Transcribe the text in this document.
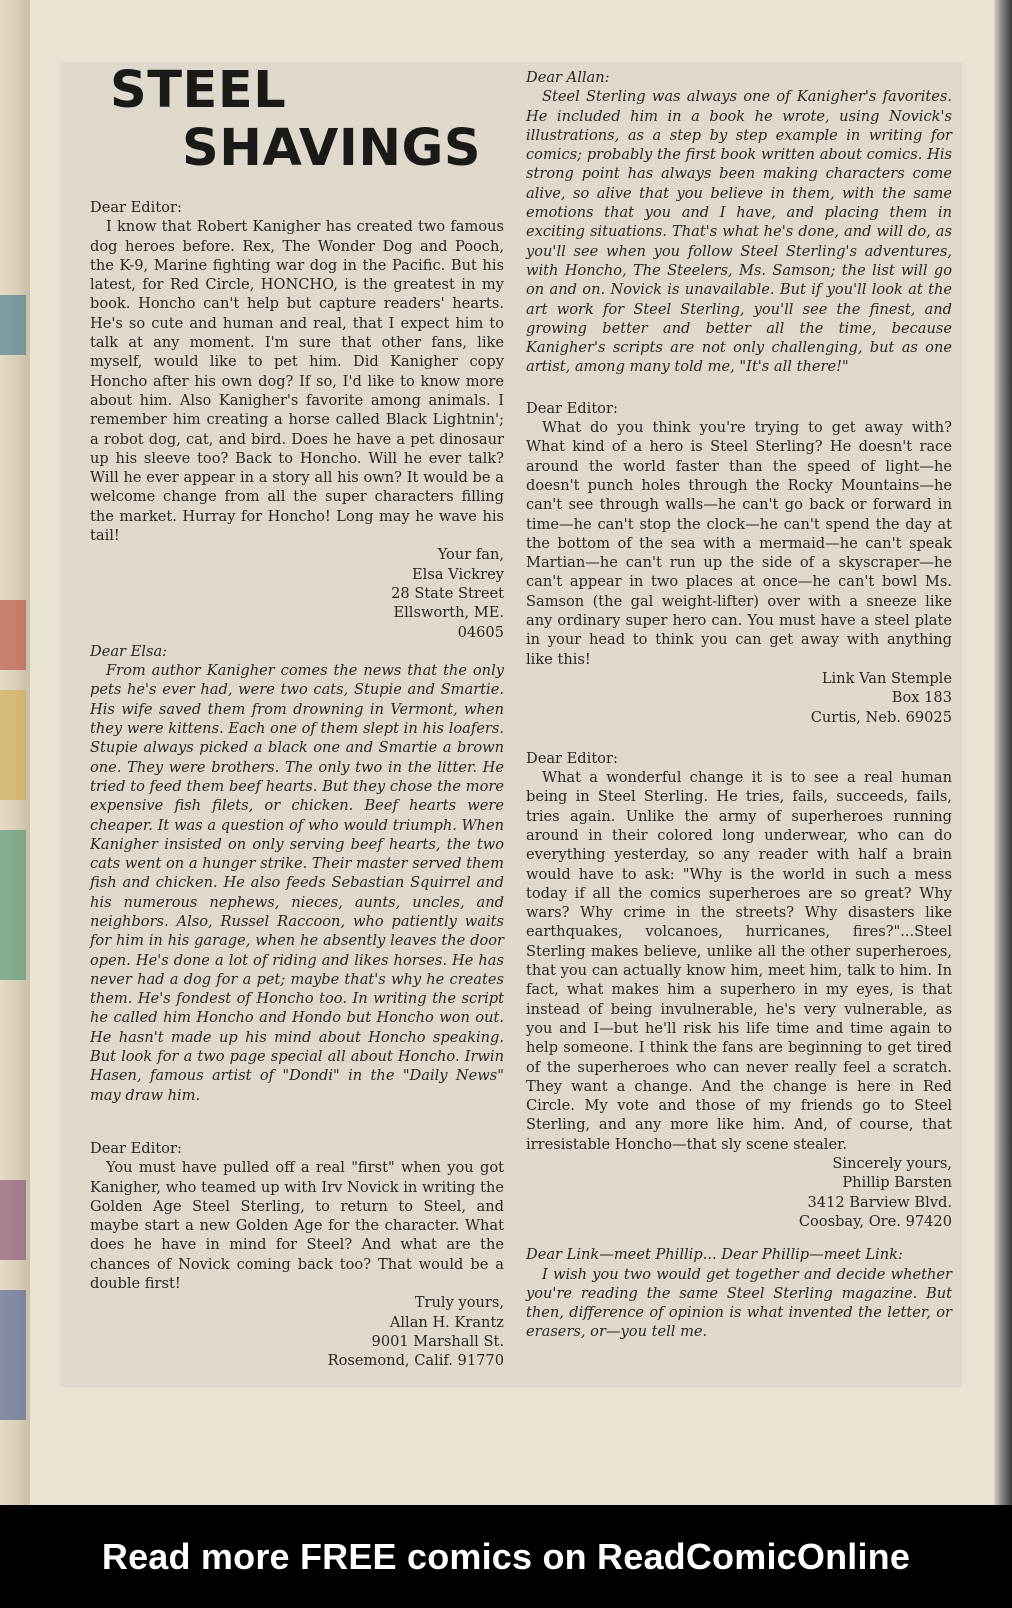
STEEL
SHAVINGS

Dear Editor:

I know that Robert Kanigher has created two famous dog heroes before. Rex, The Wonder Dog and Pooch, the K-9, Marine fighting war dog in the Pacific. But his latest, for Red Circle, HONCHO, is the greatest in my book. Honcho can't help but capture readers' hearts. He's so cute and human and real, that I expect him to talk at any moment. I'm sure that other fans, like myself, would like to pet him. Did Kanigher copy Honcho after his own dog? If so, I'd like to know more about him. Also Kanigher's favorite among animals. I remember him creating a horse called Black Lightnin'; a robot dog, cat, and bird. Does he have a pet dinosaur up his sleeve too? Back to Honcho. Will he ever talk? Will he ever appear in a story all his own? It would be a welcome change from all the super characters filling the market. Hurray for Honcho! Long may he wave his tail!

Your fan,
Elsa Vickrey
28 State Street
Ellsworth, ME.
04605

Dear Elsa:

From author Kanigher comes the news that the only pets he's ever had, were two cats, Stupie and Smartie. His wife saved them from drowning in Vermont, when they were kittens. Each one of them slept in his loafers. Stupie always picked a black one and Smartie a brown one. They were brothers. The only two in the litter. He tried to feed them beef hearts. But they chose the more expensive fish filets, or chicken. Beef hearts were cheaper. It was a question of who would triumph. When Kanigher insisted on only serving beef hearts, the two cats went on a hunger strike. Their master served them fish and chicken. He also feeds Sebastian Squirrel and his numerous nephews, nieces, aunts, uncles, and neighbors. Also, Russel Raccoon, who patiently waits for him in his garage, when he absently leaves the door open. He's done a lot of riding and likes horses. He has never had a dog for a pet; maybe that's why he creates them. He's fondest of Honcho too. In writing the script he called him Honcho and Hondo but Honcho won out. He hasn't made up his mind about Honcho speaking. But look for a two page special all about Honcho. Irwin Hasen, famous artist of "Dondi" in the "Daily News" may draw him.

Dear Editor:

You must have pulled off a real "first" when you got Kanigher, who teamed up with Irv Novick in writing the Golden Age Steel Sterling, to return to Steel, and maybe start a new Golden Age for the character. What does he have in mind for Steel? And what are the chances of Novick coming back too? That would be a double first!

Truly yours,
Allan H. Krantz
9001 Marshall St.
Rosemond, Calif. 91770

Dear Allan:

Steel Sterling was always one of Kanigher's favorites. He included him in a book he wrote, using Novick's illustrations, as a step by step example in writing for comics; probably the first book written about comics. His strong point has always been making characters come alive, so alive that you believe in them, with the same emotions that you and I have, and placing them in exciting situations. That's what he's done, and will do, as you'll see when you follow Steel Sterling's adventures, with Honcho, The Steelers, Ms. Samson; the list will go on and on. Novick is unavailable. But if you'll look at the art work for Steel Sterling, you'll see the finest, and growing better and better all the time, because Kanigher's scripts are not only challenging, but as one artist, among many told me, "It's all there!"

Dear Editor:

What do you think you're trying to get away with? What kind of a hero is Steel Sterling? He doesn't race around the world faster than the speed of light—he doesn't punch holes through the Rocky Mountains—he can't see through walls—he can't go back or forward in time—he can't stop the clock—he can't spend the day at the bottom of the sea with a mermaid—he can't speak Martian—he can't run up the side of a skyscraper—he can't appear in two places at once—he can't bowl Ms. Samson (the gal weight-lifter) over with a sneeze like any ordinary super hero can. You must have a steel plate in your head to think you can get away with anything like this!

Link Van Stemple
Box 183
Curtis, Neb. 69025

Dear Editor:

What a wonderful change it is to see a real human being in Steel Sterling. He tries, fails, succeeds, fails, tries again. Unlike the army of superheroes running around in their colored long underwear, who can do everything yesterday, so any reader with half a brain would have to ask: "Why is the world in such a mess today if all the comics superheroes are so great? Why wars? Why crime in the streets? Why disasters like earthquakes, volcanoes, hurricanes, fires?"...Steel Sterling makes believe, unlike all the other superheroes, that you can actually know him, meet him, talk to him. In fact, what makes him a superhero in my eyes, is that instead of being invulnerable, he's very vulnerable, as you and I—but he'll risk his life time and time again to help someone. I think the fans are beginning to get tired of the superheroes who can never really feel a scratch. They want a change. And the change is here in Red Circle. My vote and those of my friends go to Steel Sterling, and any more like him. And, of course, that irresistable Honcho—that sly scene stealer.

Sincerely yours,
Phillip Barsten
3412 Barview Blvd.
Coosbay, Ore. 97420

Dear Link—meet Phillip... Dear Phillip—meet Link:

I wish you two would get together and decide whether you're reading the same Steel Sterling magazine. But then, difference of opinion is what invented the letter, or erasers, or—you tell me.

Read more FREE comics on ReadComicOnline
